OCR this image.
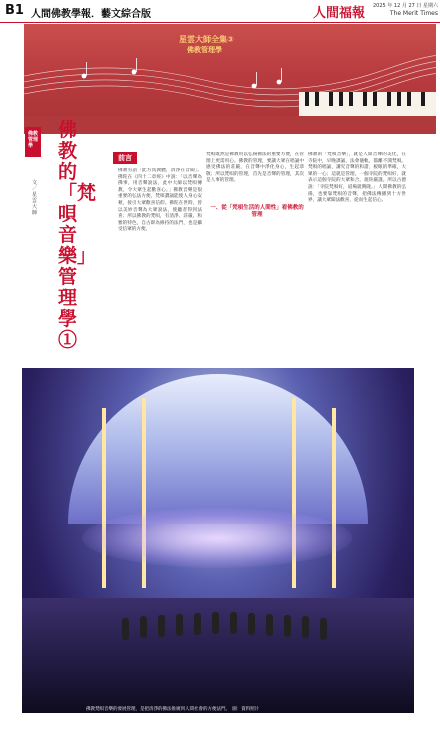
B1 人間佛教學報．藝文綜合版	人間福報	2025 年 12 月 27 日 星期六
The Merit Times
星雲大師全集③
佛教管理學
佛教管理學
佛教的「梵唄音樂」管理學①
文／星雲大師
前言
佛教有謂「此方真教體，清淨在音聞」。佛陀在《四十二章經》中說：「以音聲為佛事，用音聲說法，此中大師以梵唄傳教，令大眾生起歡喜心。」佛教音樂是很重要的弘法方便，梵唄讚誦能使人身心安頓，接引大眾歡喜信仰。佛陀在世時，曾以美妙音聲為大眾說法，使聽者得到法喜；所以佛教的梵唄，有清淨、莊嚴、和雅的特色，自古即為修持的法門，也是攝受信眾的方便。
梵唄既然是佛教用以弘揚佛法的重要方便，在管理上更需用心。佛教的管理，要讓大眾在唱誦中感受佛法的莊嚴，在音聲中淨化身心，生起恭敬；所以梵唄的管理，首先是音聲的管理，其次是人事的管理。
一、從「梵唄生活的人間性」看佛教的管理
佛教的「梵唄音樂」，就是人間音聲的美化，在寺院中，早晚課誦、法會儀軌，都離不開梵唄。梵唄的唱誦，講究音聲的和諧，板眼的準確，大眾的一心；這就是管理。一個寺院的梵唄好，就表示這個寺院的大眾和合，規矩嚴謹。所以古德說：「寺院梵唄好，道場就興隆。」人間佛教的弘揚，也要靠梵唄的音聲，把佛法傳播到十方世界，讓大眾聞法歡喜，從而生起信心。
佛教梵唄音樂的發展管理，是把清淨的佛法推廣到人間社會的方便法門。　圖：資料照片
